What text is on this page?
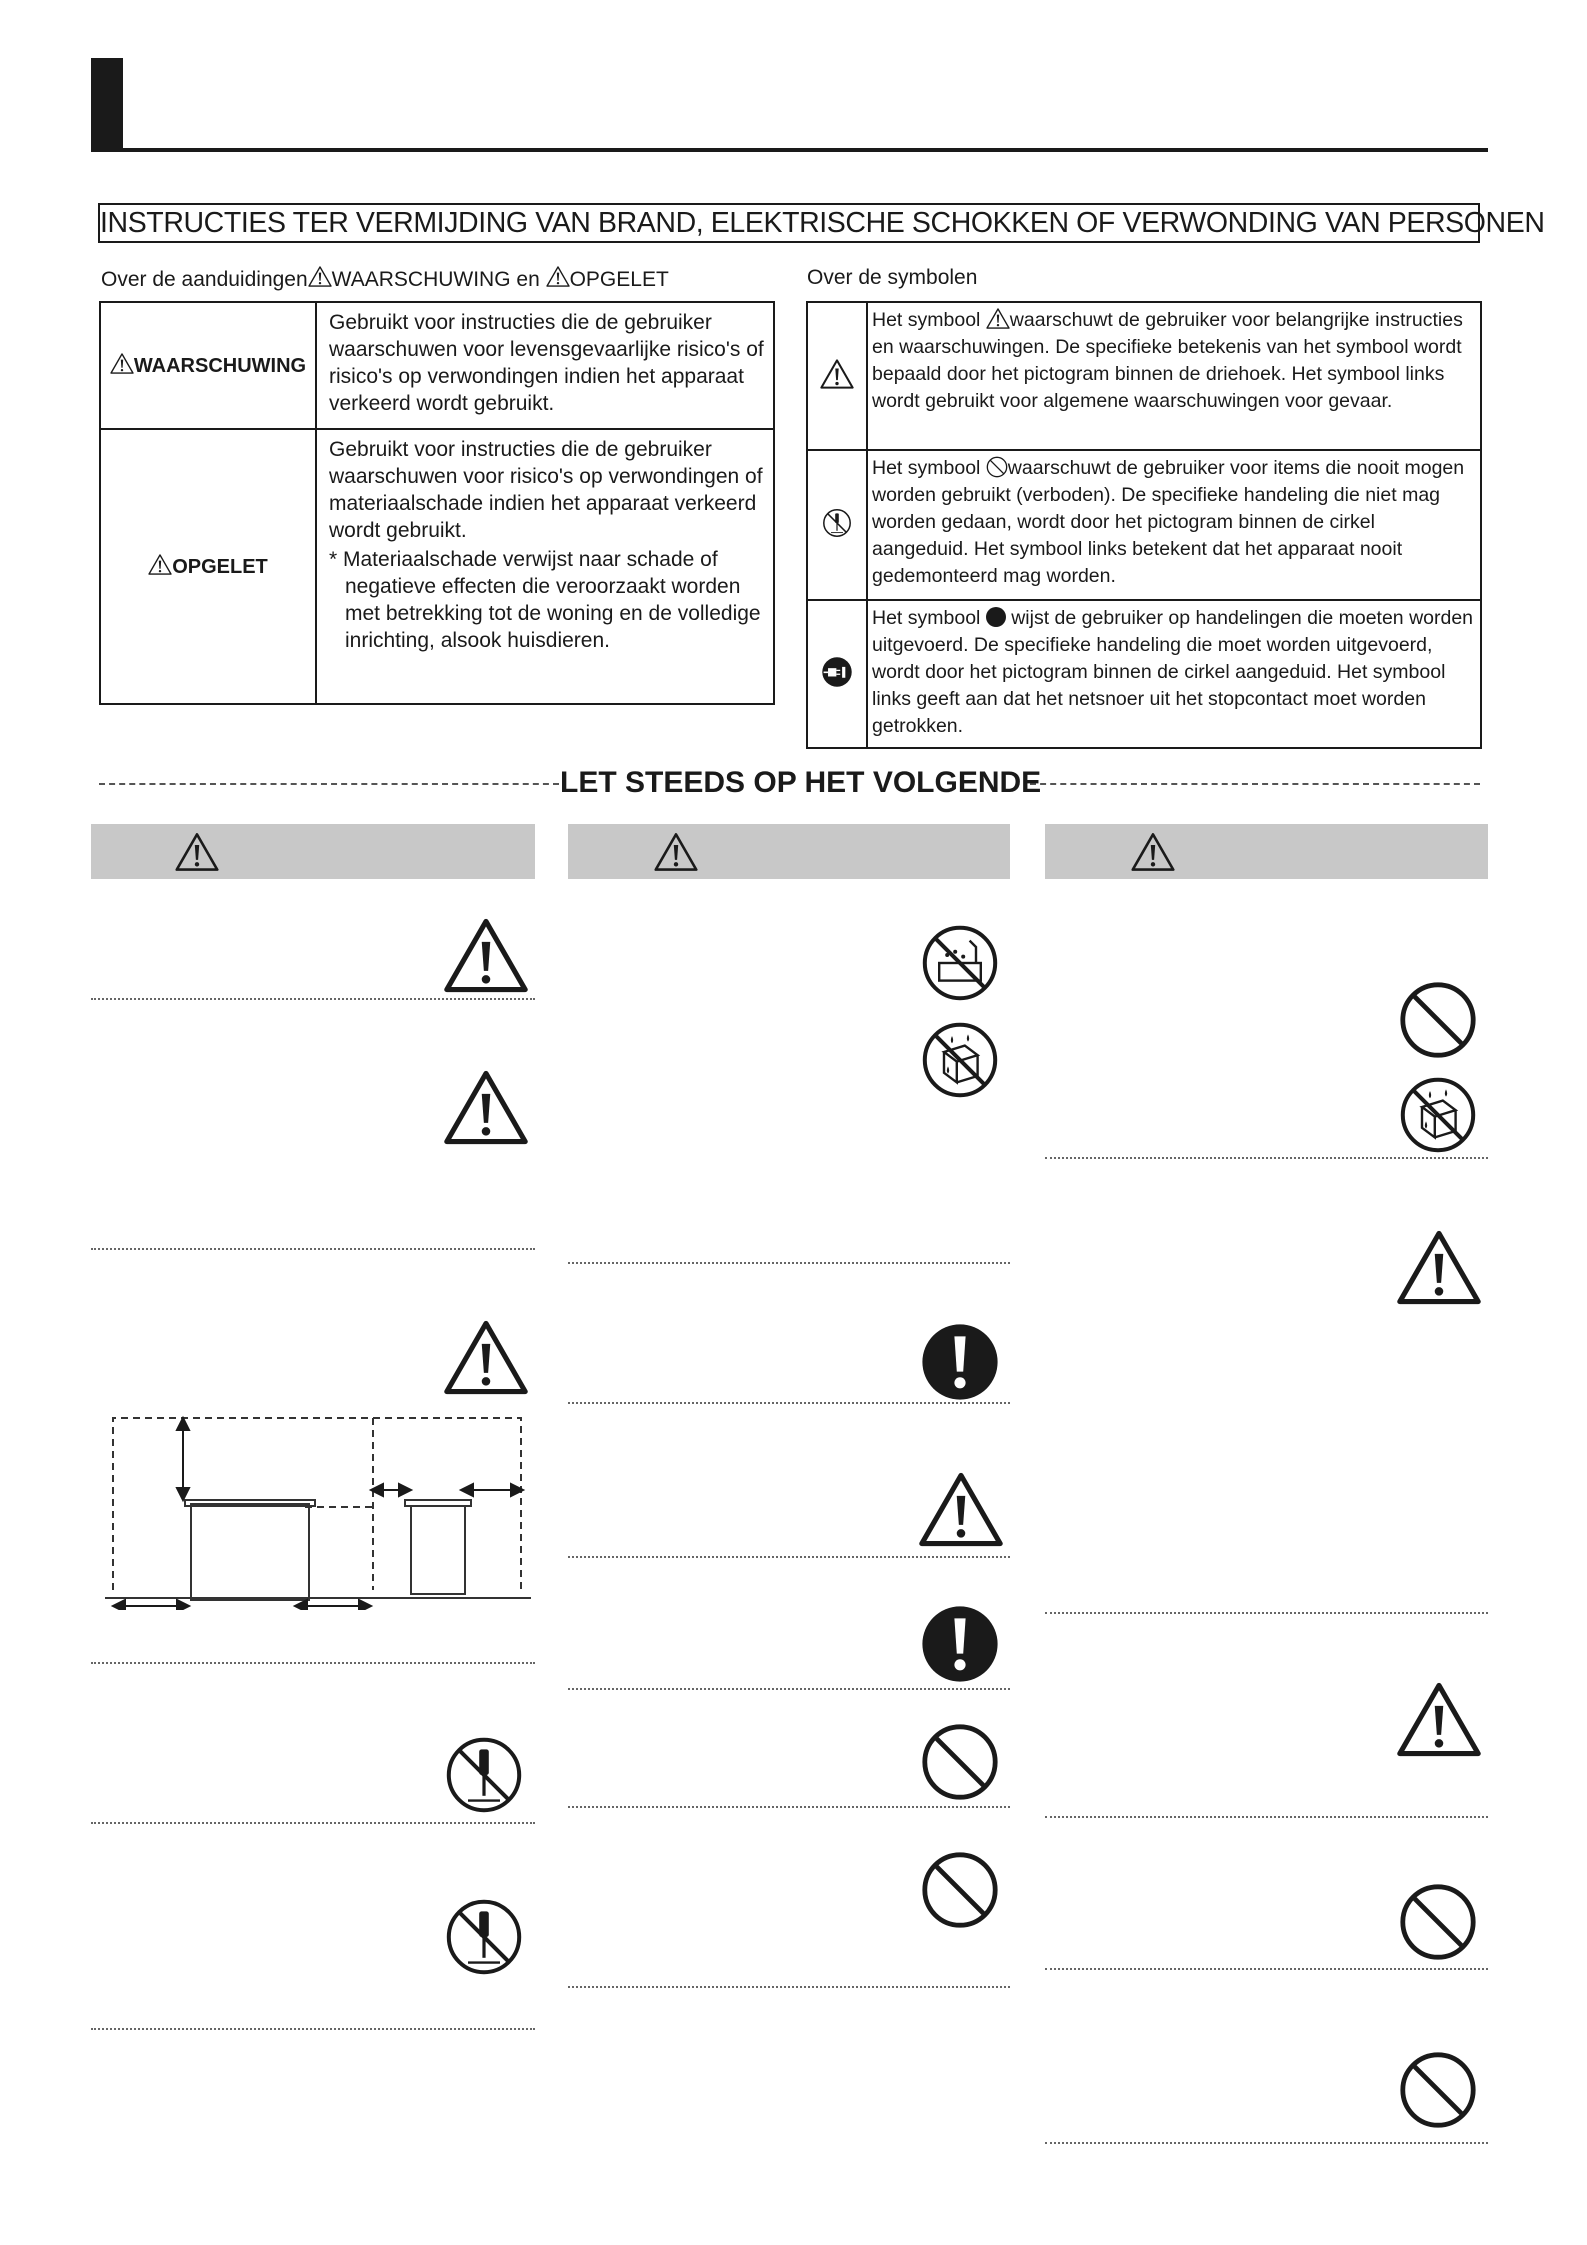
INSTRUCTIES TER VERMIJDING VAN BRAND, ELEKTRISCHE SCHOKKEN OF VERWONDING VAN PERSONEN
Over de aanduidingen WAARSCHUWING en OPGELET	Over de symbolen
WAARSCHUWING	Gebruikt voor instructies die de gebruiker waarschuwen voor levensgevaarlijke risico's of risico's op verwondingen indien het apparaat verkeerd wordt gebruikt.
OPGELET	Gebruikt voor instructies die de gebruiker waarschuwen voor risico's op verwondingen of materiaalschade indien het apparaat verkeerd wordt gebruikt.
* Materiaalschade verwijst naar schade of negatieve effecten die veroorzaakt worden met betrekking tot de woning en de volledige inrichting, alsook huisdieren.
	Het symbool waarschuwt de gebruiker voor belangrijke instructies en waarschuwingen. De specifieke betekenis van het symbool wordt bepaald door het pictogram binnen de driehoek. Het symbool links wordt gebruikt voor algemene waarschuwingen voor gevaar.
	Het symbool waarschuwt de gebruiker voor items die nooit mogen worden gebruikt (verboden). De specifieke handeling die niet mag worden gedaan, wordt door het pictogram binnen de cirkel aangeduid. Het symbool links betekent dat het apparaat nooit gedemonteerd mag worden.
	Het symbool wijst de gebruiker op handelingen die moeten worden uitgevoerd. De specifieke handeling die moet worden uitgevoerd, wordt door het pictogram binnen de cirkel aangeduid. Het symbool links geeft aan dat het netsnoer uit het stopcontact moet worden getrokken.
LET STEEDS OP HET VOLGENDE
